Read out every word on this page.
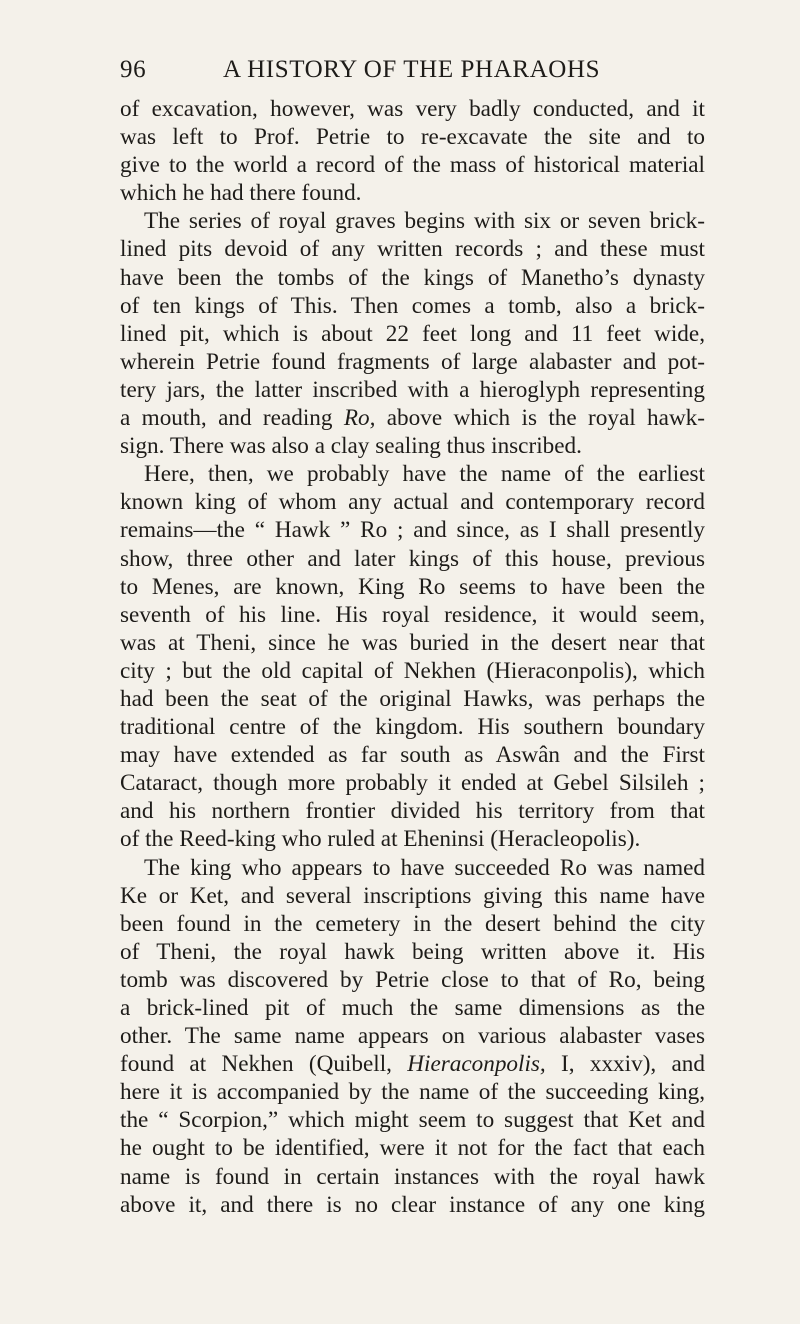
96	A HISTORY OF THE PHARAOHS
of excavation, however, was very badly conducted, and it
was left to Prof. Petrie to re-excavate the site and to
give to the world a record of the mass of historical material
which he had there found.
The series of royal graves begins with six or seven brick-
lined pits devoid of any written records ; and these must
have been the tombs of the kings of Manetho’s dynasty
of ten kings of This. Then comes a tomb, also a brick-
lined pit, which is about 22 feet long and 11 feet wide,
wherein Petrie found fragments of large alabaster and pot-
tery jars, the latter inscribed with a hieroglyph representing
a mouth, and reading Ro, above which is the royal hawk-
sign. There was also a clay sealing thus inscribed.
Here, then, we probably have the name of the earliest
known king of whom any actual and contemporary record
remains—the “ Hawk ” Ro ; and since, as I shall presently
show, three other and later kings of this house, previous
to Menes, are known, King Ro seems to have been the
seventh of his line. His royal residence, it would seem,
was at Theni, since he was buried in the desert near that
city ; but the old capital of Nekhen (Hieraconpolis), which
had been the seat of the original Hawks, was perhaps the
traditional centre of the kingdom. His southern boundary
may have extended as far south as Aswân and the First
Cataract, though more probably it ended at Gebel Silsileh ;
and his northern frontier divided his territory from that
of the Reed-king who ruled at Eheninsi (Heracleopolis).
The king who appears to have succeeded Ro was named
Ke or Ket, and several inscriptions giving this name have
been found in the cemetery in the desert behind the city
of Theni, the royal hawk being written above it. His
tomb was discovered by Petrie close to that of Ro, being
a brick-lined pit of much the same dimensions as the
other. The same name appears on various alabaster vases
found at Nekhen (Quibell, Hieraconpolis, I, xxxiv), and
here it is accompanied by the name of the succeeding king,
the “ Scorpion,” which might seem to suggest that Ket and
he ought to be identified, were it not for the fact that each
name is found in certain instances with the royal hawk
above it, and there is no clear instance of any one king
